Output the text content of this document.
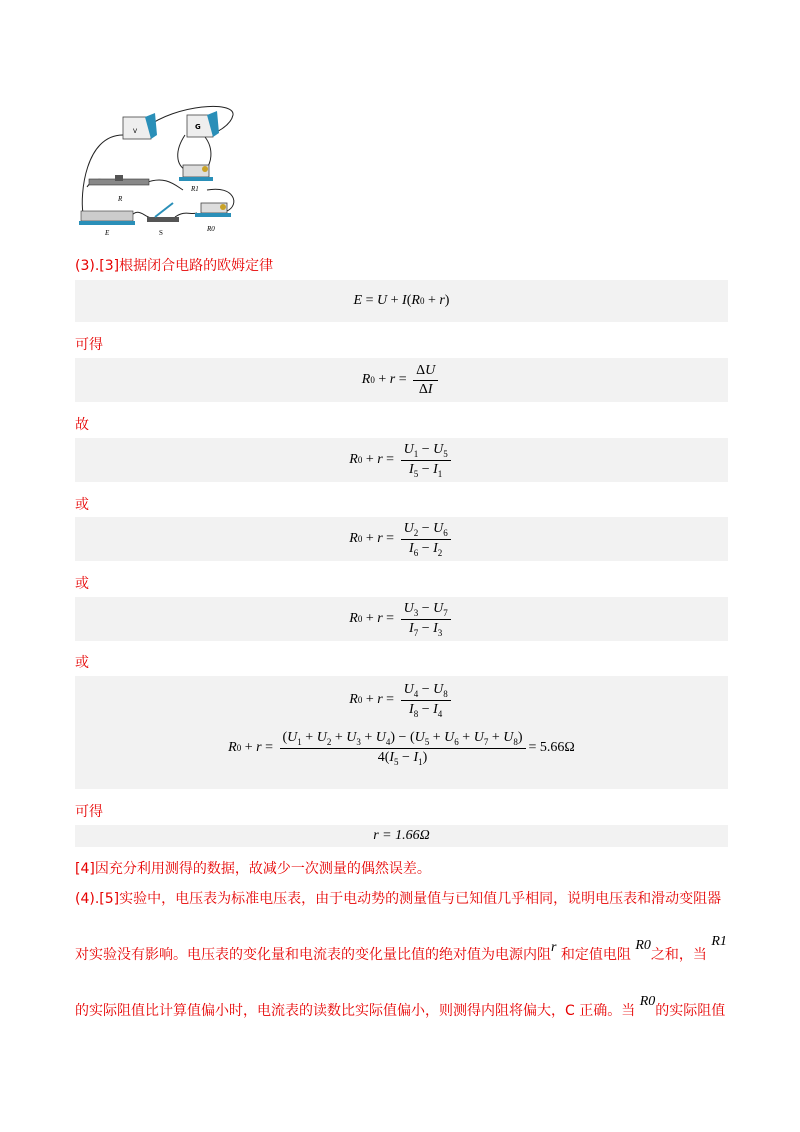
V
G
R1
R
E	S	R0
(3).[3]根据闭合电路的欧姆定律
E = U + I ( R 0 + r )
可得
R $0 + r = \frac{\Delta U}{\Delta I}$
故
R $0 + r = \frac{U_1 - U_5}{I_5 - I_1}$
或
R $0 + r = \frac{U_2 - U_6}{I_6 - I_2}$
或
R $0 + r = \frac{U_3 - U_7}{I_7 - I_3}$
或
R $0 + r = \frac{U_4 - U_8}{I_8 - I_4}$
R $0 + r = \frac{(U_1 + U_2 + U_3 + U_4) - (U_5 + U_6 + U_7 + U_8)}{4(I_5 - I_1)} = 5.66\Omega$
可得
r = 1.66Ω
[4]因充分利用测得的数据，故减少一次测量的偶然误差。
(4).[5]实验中，电压表为标准电压表，由于电动势的测量值与已知值几乎相同，说明电压表和滑动变阻器
对实验没有影响。电压表的变化量和电流表的变化量比值的绝对值为电源内阻r 和定值电阻 R0之和，当 R1
的实际阻值比计算值偏小时，电流表的读数比实际值偏小，则测得内阻将偏大，C 正确。当 R0的实际阻值
